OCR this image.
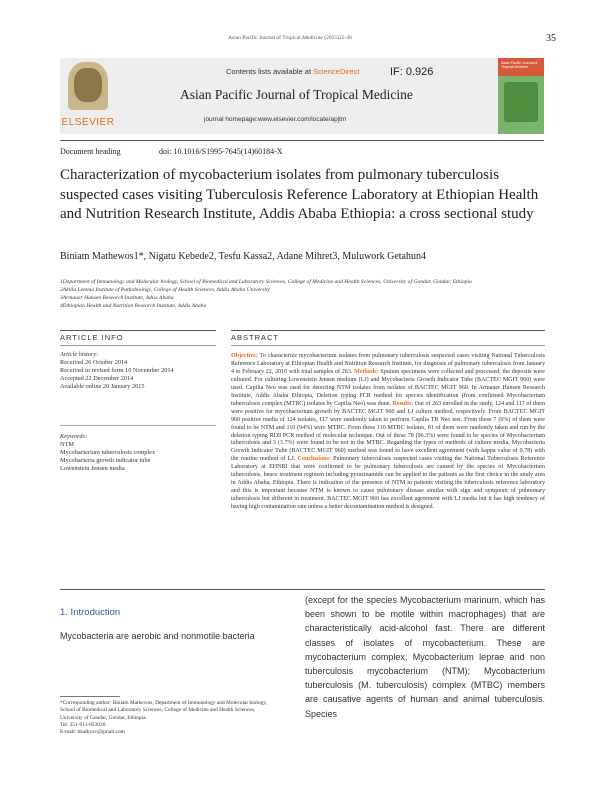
Asian Pacific Journal of Tropical Medicine (2015)35-40	35
ELSEVIER
Contents lists available at ScienceDirect	IF: 0.926
Asian Pacific Journal of Tropical Medicine
journal homepage:www.elsevier.com/locate/apjtm
Asian Pacific Journal of Tropical Medicine
Document heading	doi: 10.1016/S1995-7645(14)60184-X
Characterization of mycobacterium isolates from pulmonary tuberculosis suspected cases visiting Tuberculosis Reference Laboratory at Ethiopian Health and Nutrition Research Institute, Addis Ababa Ethiopia: a cross sectional study
Biniam Mathewos1*, Nigatu Kebede2, Tesfu Kassa2, Adane Mihret3, Muluwork Getahun4

1Department of Immunology and Molecular biology, School of Biomedical and Laboratory Sciences, College of Medicine and Health Sciences, University of Gondar, Gondar, Ethiopia

2Aklilu Lemma Institute of Pathobiology, College of Health Sciences, Addis Ababa University

3Armauer Hansen Research Institute, Adiss Ababa

4Ethiopian Health and Nutrition Research Institute, Addis Ababa

ARTICLE INFO	ABSTRACT

Article history:

Received 26 October 2014

Received in revised form 10 November 2014

Accepted 22 December 2014

Available online 20 January 2015

Keywords:

NTM

Mycobacterium tuberculosis complex

Mycobacteria growth indicator tube

Lowenstein Jensen media

Objective: To characterize mycobacterium isolates from pulmonary tuberculosis suspected cases visiting National Tuberculosis Reference Laboratory at Ethiopian Health and Nutrition Research Institute, for diagnosis of pulmonary tuberculosis from January 4 to February 22, 2010 with total samples of 263. Methods: Sputum specimens were collected and processed; the deposits were cultured. For culturing Lowenstein Jensen medium (LJ) and Mycobacteria Growth Indicator Tube (BACTEC MGIT 960) were used. Capilia Neo was used for detecting NTM isolates from isolates of BACTEC MGIT 960. In Armauer Hansen Research Institute, Addis Ababa Ethiopia, Deletion typing PCR method for species identification (from confirmed Mycobacterium tuberculosis complex (MTBC) isolates by Capilia Neo) was done. Results: Out of 263 enrolled in the study, 124 and 117 of them were positive for mycobacterium growth by BACTEC MGIT 960 and LJ culture method, respectively. From BACTEC MGIT 960 positive media of 124 isolates, 117 were randomly taken to perform Capilia TB Neo test. From these 7 (6%) of them were found to be NTM and 110 (94%) were MTBC. From these 110 MTBC isolates, 81 of them were randomly taken and run by the deletion typing RD9 PCR method of molecular technique. Out of these 78 (96.3%) were found to be species of Mycobacterium tuberculosis and 3 (3.7%) were found to be not in the MTBC. Regarding the types of methods of culture media, Mycobacteria Growth Indicator Tube (BACTEC MGIT 960) method was found to have excellent agreement (with kappa value of 0.78) with the routine method of LJ. Conclusions: Pulmonary tuberculosis suspected cases visiting the National Tuberculosis Reference Laboratory at EHNRI that were confirmed to be pulmonary tuberculosis are caused by the species of Mycobacterium tuberculosis, hence treatment regimen including pyrazinamide can be applied to the patients as the first choice in the study area in Addis Ababa, Ethiopia. There is indication of the presence of NTM in patients visiting the tuberculosis reference laboratory and this is important because NTM is known to cause pulmonary disease similar with sign and symptom of pulmonary tuberculosis but different in treatment. BACTEC MGIT 960 has excellent agreement with LJ media but it has high tendency of having high contamination rate unless a better decontamination method is designed.
1. Introduction
Mycobacteria are aerobic and nonmotile bacteria

*Corresponding author: Biniam Mathewos, Department of Immunology and Molecular biology, School of Biomedical and Laboratory Sciences, College of Medicine and Health Sciences, University of Gondar, Gondar, Ethiopia.

Tel: 251-911-053020

E-mail: bkalkyzc@gmail.com

(except for the species Mycobacterium marinum, which has been shown to be motile within macrophages) that are characteristically acid-alcohol fast. There are different classes of isolates of mycobacterium. These are mycobacterium complex, Mycobacterium leprae and non tuberculosis mycobacterium (NTM); Mycobacterium tuberculosis (M. tuberculosis) complex (MTBC) members are causative agents of human and animal tuberculosis. Species
